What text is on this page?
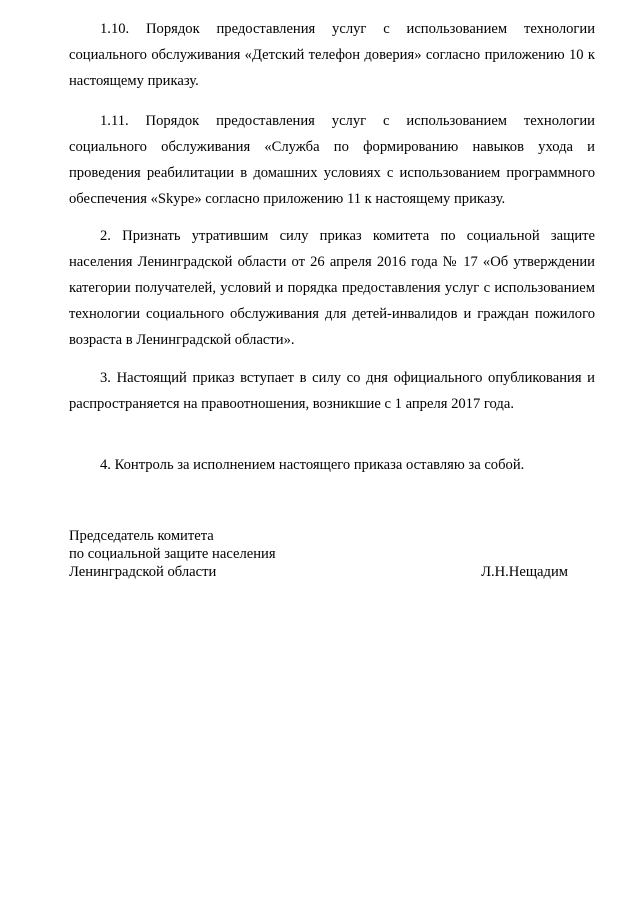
1.10. Порядок предоставления услуг с использованием технологии социального обслуживания «Детский телефон доверия» согласно приложению 10 к настоящему приказу.

1.11. Порядок предоставления услуг с использованием технологии социального обслуживания «Служба по формированию навыков ухода и проведения реабилитации в домашних условиях с использованием программного обеспечения «Skype» согласно приложению 11 к настоящему приказу.

2. Признать утратившим силу приказ комитета по социальной защите населения Ленинградской области от 26 апреля 2016 года № 17 «Об утверждении категории получателей, условий и порядка предоставления услуг с использованием технологии социального обслуживания для детей-инвалидов и граждан пожилого возраста в Ленинградской области».

3. Настоящий приказ вступает в силу со дня официального опубликования и распространяется на правоотношения, возникшие с 1 апреля 2017 года.

4. Контроль за исполнением настоящего приказа оставляю за собой.

Председатель комитета
по социальной защите населения
Ленинградской области	Л.Н.Нещадим
